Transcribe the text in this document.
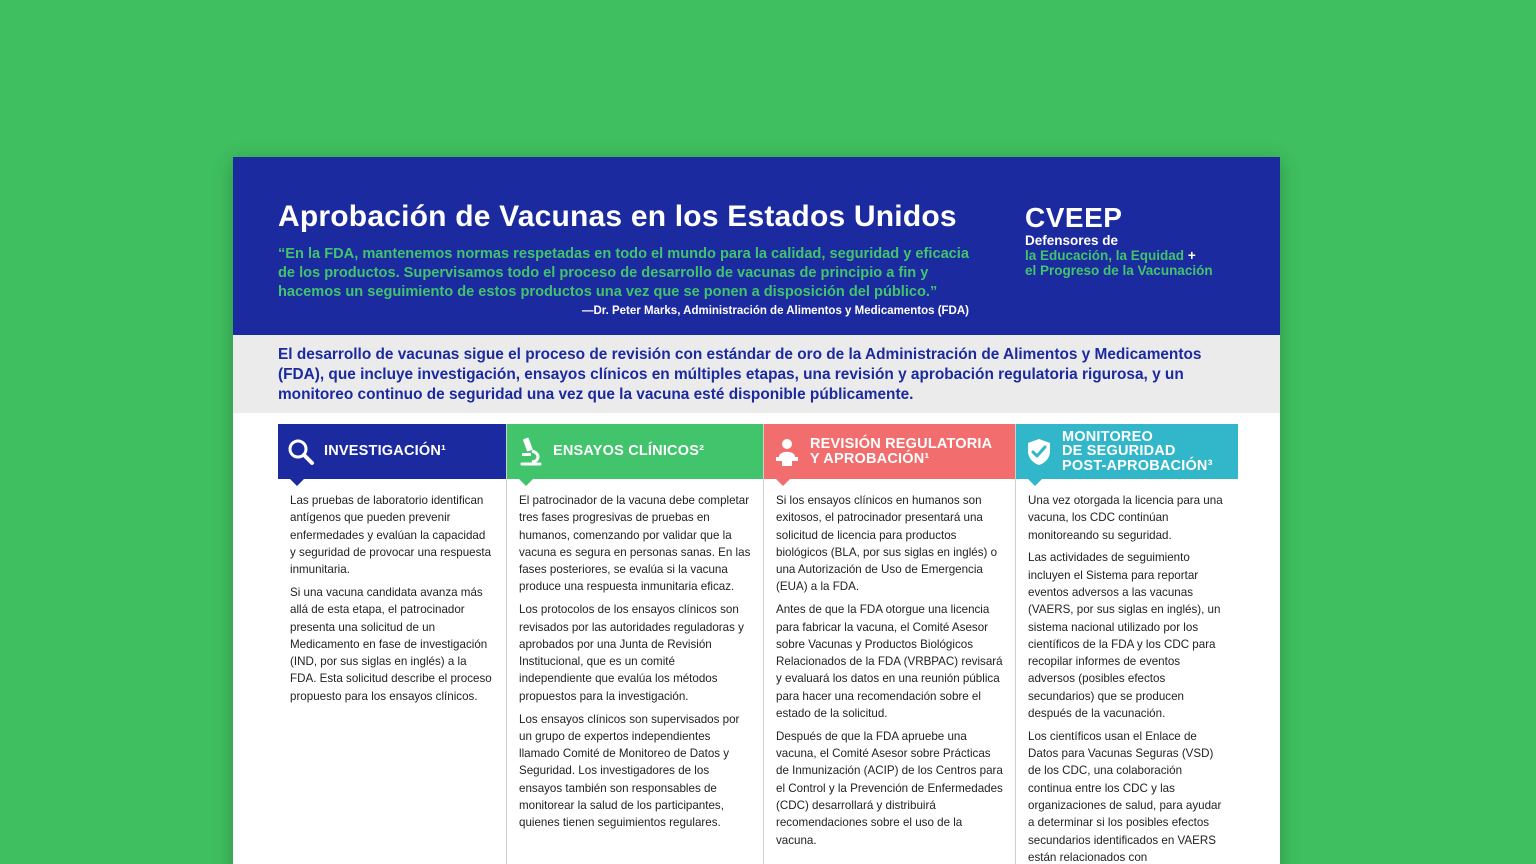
Aprobación de Vacunas en los Estados Unidos
“En la FDA, mantenemos normas respetadas en todo el mundo para la calidad, seguridad y eficacia de los productos. Supervisamos todo el proceso de desarrollo de vacunas de principio a fin y hacemos un seguimiento de estos productos una vez que se ponen a disposición del público.”
—Dr. Peter Marks, Administración de Alimentos y Medicamentos (FDA)
CVEEP
Defensores de
la Educación, la Equidad +
el Progreso de la Vacunación
El desarrollo de vacunas sigue el proceso de revisión con estándar de oro de la Administración de Alimentos y Medicamentos (FDA), que incluye investigación, ensayos clínicos en múltiples etapas, una revisión y aprobación regulatoria rigurosa, y un monitoreo continuo de seguridad una vez que la vacuna esté disponible públicamente.
INVESTIGACIÓN¹

Las pruebas de laboratorio identifican antígenos que pueden prevenir enfermedades y evalúan la capacidad y seguridad de provocar una respuesta inmunitaria.

Si una vacuna candidata avanza más allá de esta etapa, el patrocinador presenta una solicitud de un Medicamento en fase de investigación (IND, por sus siglas en inglés) a la FDA. Esta solicitud describe el proceso propuesto para los ensayos clínicos.

ENSAYOS CLÍNICOS²

El patrocinador de la vacuna debe completar tres fases progresivas de pruebas en humanos, comenzando por validar que la vacuna es segura en personas sanas. En las fases posteriores, se evalúa si la vacuna produce una respuesta inmunitaria eficaz.

Los protocolos de los ensayos clínicos son revisados por las autoridades reguladoras y aprobados por una Junta de Revisión Institucional, que es un comité independiente que evalúa los métodos propuestos para la investigación.

Los ensayos clínicos son supervisados por un grupo de expertos independientes llamado Comité de Monitoreo de Datos y Seguridad. Los investigadores de los ensayos también son responsables de monitorear la salud de los participantes, quienes tienen seguimientos regulares.

REVISIÓN REGULATORIA
Y APROBACIÓN¹

Si los ensayos clínicos en humanos son exitosos, el patrocinador presentará una solicitud de licencia para productos biológicos (BLA, por sus siglas en inglés) o una Autorización de Uso de Emergencia (EUA) a la FDA.

Antes de que la FDA otorgue una licencia para fabricar la vacuna, el Comité Asesor sobre Vacunas y Productos Biológicos Relacionados de la FDA (VRBPAC) revisará y evaluará los datos en una reunión pública para hacer una recomendación sobre el estado de la solicitud.

Después de que la FDA apruebe una vacuna, el Comité Asesor sobre Prácticas de Inmunización (ACIP) de los Centros para el Control y la Prevención de Enfermedades (CDC) desarrollará y distribuirá recomendaciones sobre el uso de la vacuna.

MONITOREO
DE SEGURIDAD
POST-APROBACIÓN³

Una vez otorgada la licencia para una vacuna, los CDC continúan monitoreando su seguridad.

Las actividades de seguimiento incluyen el Sistema para reportar eventos adversos a las vacunas (VAERS, por sus siglas en inglés), un sistema nacional utilizado por los científicos de la FDA y los CDC para recopilar informes de eventos adversos (posibles efectos secundarios) que se producen después de la vacunación.

Los científicos usan el Enlace de Datos para Vacunas Seguras (VSD) de los CDC, una colaboración continua entre los CDC y las organizaciones de salud, para ayudar a determinar si los posibles efectos secundarios identificados en VAERS están relacionados con
